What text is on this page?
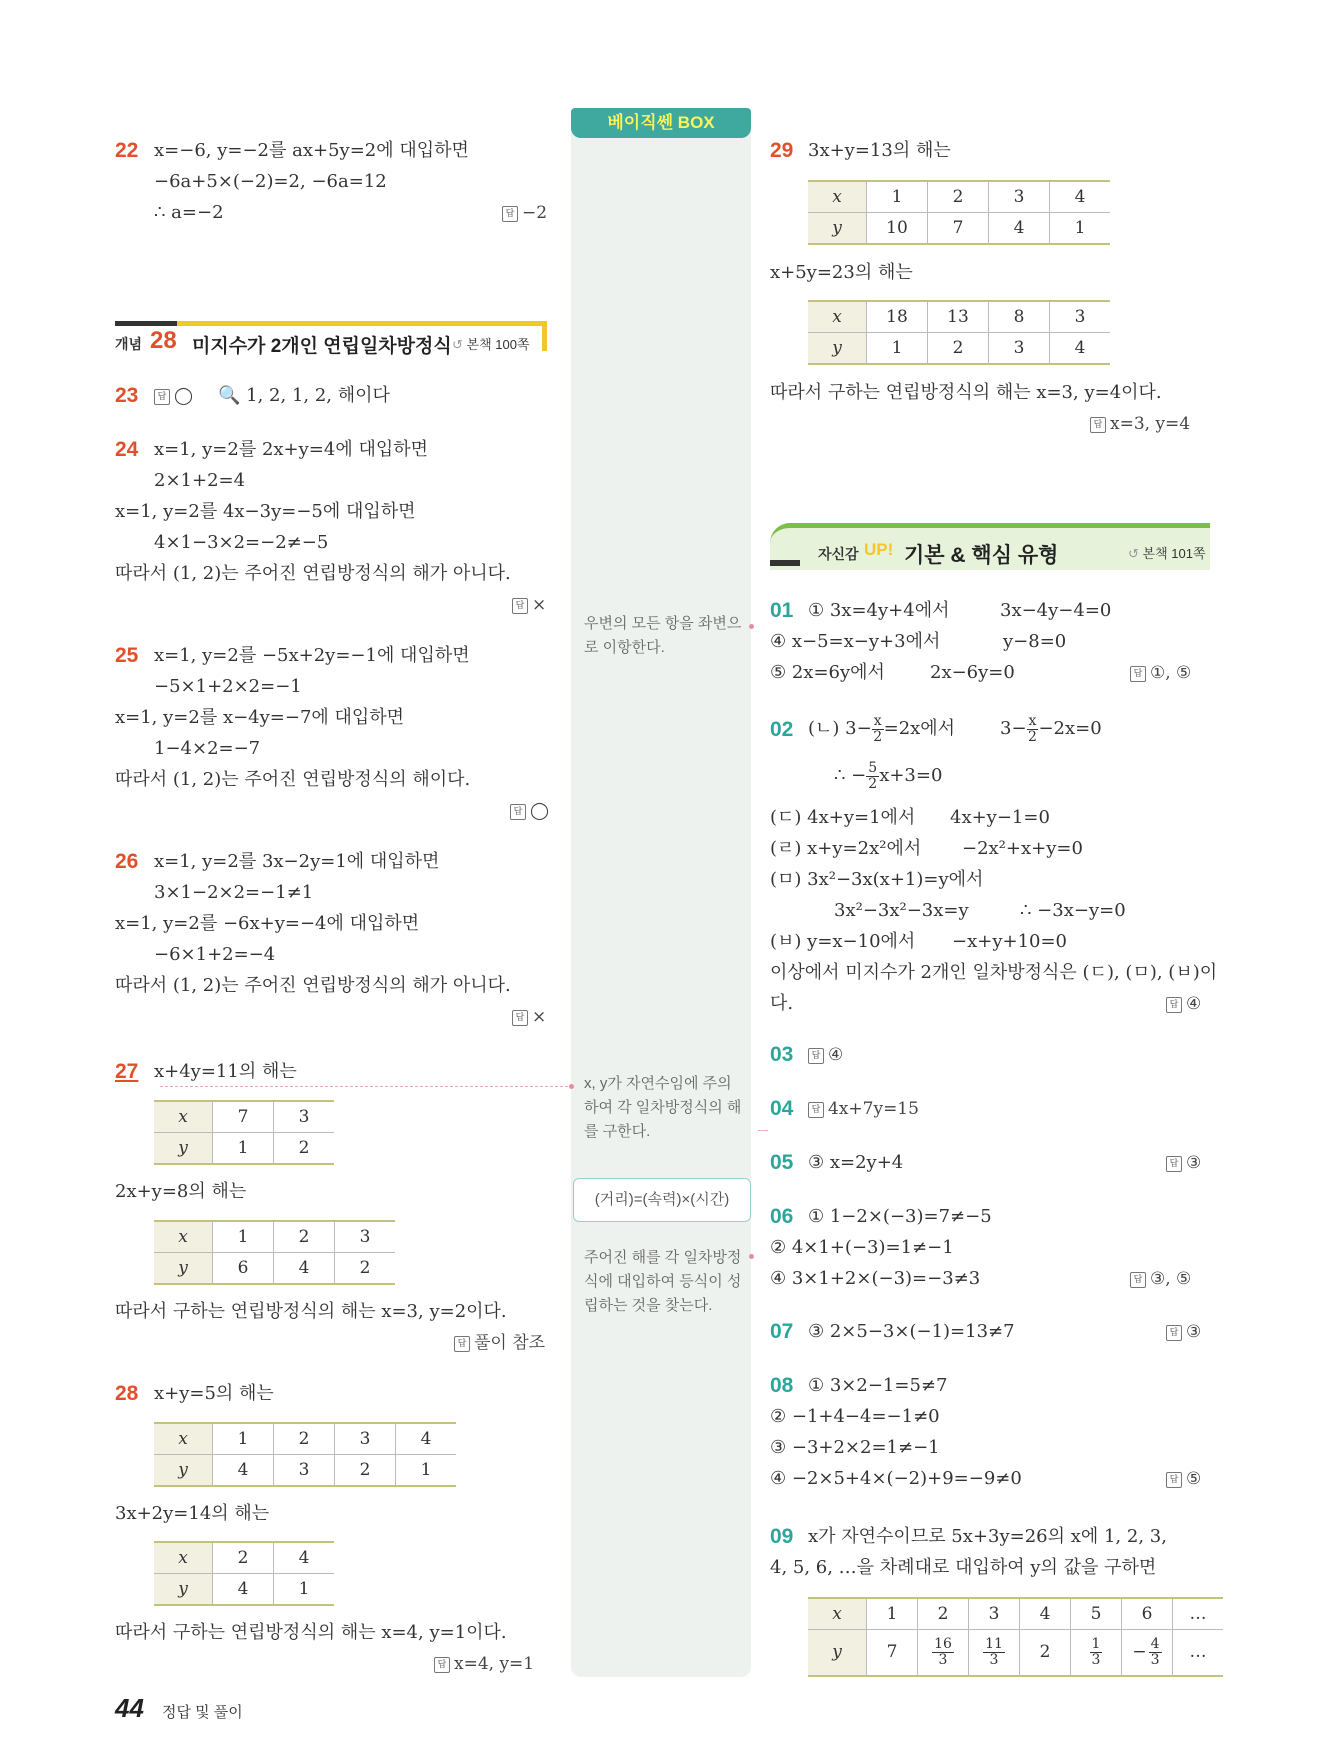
베이직쎈 BOX
우변의 모든 항을 좌변으로 이항한다.
x, y가 자연수임에 주의하여 각 일차방정식의 해를 구한다.
(거리)=(속력)×(시간)
주어진 해를 각 일차방정식에 대입하여 등식이 성립하는 것을 찾는다.
22 x=−6, y=−2를 ax+5y=2에 대입하면
−6a+5×(−2)=2, −6a=12
∴ a=−2	답 −2
개념 28 미지수가 2개인 연립일차방정식 ↺ 본책 100쪽
23	답 ◯ 🔍 1, 2, 1, 2, 해이다
24 x=1, y=2를 2x+y=4에 대입하면
2×1+2=4
x=1, y=2를 4x−3y=−5에 대입하면
4×1−3×2=−2≠−5
따라서 (1, 2)는 주어진 연립방정식의 해가 아니다.
답 ×
25 x=1, y=2를 −5x+2y=−1에 대입하면
−5×1+2×2=−1
x=1, y=2를 x−4y=−7에 대입하면
1−4×2=−7
따라서 (1, 2)는 주어진 연립방정식의 해이다.
답 ◯
26 x=1, y=2를 3x−2y=1에 대입하면
3×1−2×2=−1≠1
x=1, y=2를 −6x+y=−4에 대입하면
−6×1+2=−4
따라서 (1, 2)는 주어진 연립방정식의 해가 아니다.
답 ×
27 x+4y=11의 해는
x	7	3
y	1	2
2x+y=8의 해는
x	1	2	3
y	6	4	2
따라서 구하는 연립방정식의 해는 x=3, y=2이다.
답 풀이 참조
28 x+y=5의 해는
x	1	2	3	4
y	4	3	2	1
3x+2y=14의 해는
x	2	4
y	4	1
따라서 구하는 연립방정식의 해는 x=4, y=1이다.
답 x=4, y=1
44 정답 및 풀이
29 3x+y=13의 해는
x	1	2	3	4
y	10	7	4	1
x+5y=23의 해는
x	18	13	8	3
y	1	2	3	4
따라서 구하는 연립방정식의 해는 x=3, y=4이다.
답 x=3, y=4
자신감 UP! 기본 & 핵심 유형	↺ 본책 101쪽
01 ① 3x=4y+4에서	3x−4y−4=0
④ x−5=x−y+3에서	y−8=0
⑤ 2x=6y에서	2x−6y=0	답 ①, ⑤
02 (ㄴ) $3- \frac{x}{2} =2x$에서 $3- \frac{x}{2} -2x=0$
∴ − $\frac{5}{2} x+3=0$
(ㄷ) 4x+y=1에서 4x+y−1=0
(ㄹ) x+y=2x²에서 −2x²+x+y=0
(ㅁ) 3x²−3x(x+1)=y에서
3x²−3x²−3x=y	∴ −3x−y=0
(ㅂ) y=x−10에서 −x+y+10=0
이상에서 미지수가 2개인 일차방정식은 (ㄷ), (ㅁ), (ㅂ)이
다.	답 ④
03	답 ④
04	답 4x+7y=15
05 ③ x=2y+4	답 ③
06 ① 1−2×(−3)=7≠−5
② 4×1+(−3)=1≠−1
④ 3×1+2×(−3)=−3≠3	답 ③, ⑤
07 ③ 2×5−3×(−1)=13≠7	답 ③
08 ① 3×2−1=5≠7
② −1+4−4=−1≠0
③ −3+2×2=1≠−1
④ −2×5+4×(−2)+9=−9≠0	답 ⑤
09 x가 자연수이므로 5x+3y=26의 x에 1, 2, 3,
4, 5, 6, …을 차례대로 대입하여 y의 값을 구하면
x	1	2	3	4	5	6	…
y	7	$\frac{16}{3}$	$\frac{11}{3}$	2	$\frac{1}{3}$	− $\frac{4}{3}$	…
